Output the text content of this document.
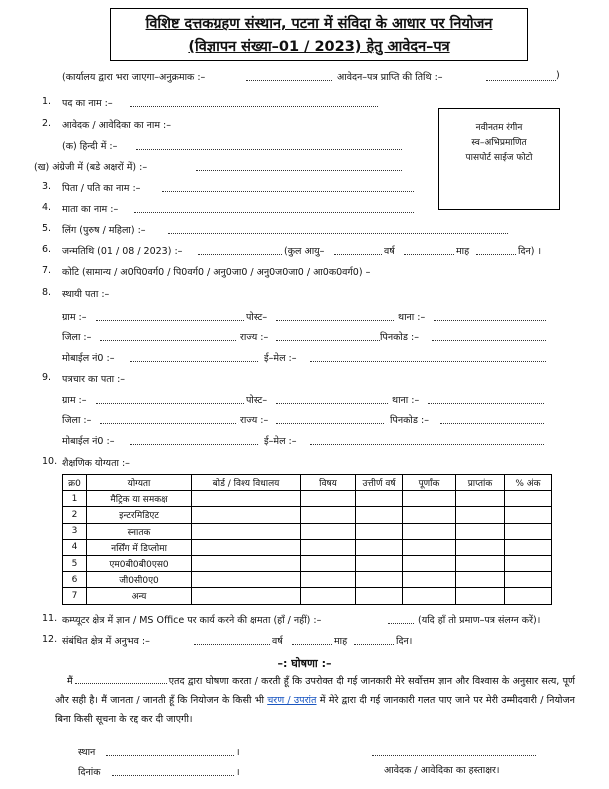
विशिष्ट दत्तकग्रहण संस्थान, पटना में संविदा के आधार पर नियोजन
(विज्ञापन संख्या–01 / 2023) हेतु आवेदन–पत्र
(कार्यालय द्वारा भरा जाएगा–अनुक्रमाक :–	आवेदन–पत्र प्राप्ति की तिथि :–	)
नवीनतम रंगीन
स्व–अभिप्रमाणित
पासपोर्ट साईज फोटो
1. पद का नाम :–
2. आवेदक / आवेदिका का नाम :–
(क) हिन्दी में :–
(ख) अंग्रेजी में (बडे अक्षरों में) :–
3. पिता / पति का नाम :–
4. माता का नाम :–
5. लिंग (पुरुष / महिला) :–
6. जन्मतिथि (01 / 08 / 2023) :–	(कुल आयु–	वर्ष	माह	दिन) ।
7. कोटि (सामान्य / अ0पि0वर्ग0 / पि0वर्ग0 / अनु0जा0 / अनु0ज0जा0 / आ0क0वर्ग0) –
8. स्थायी पता :–
ग्राम :–	पोस्ट–	थाना :–
जिला :–	राज्य :–	पिनकोड :–
मोबाईल नं0 :–	ई–मेल :–
9. पत्रचार का पता :–
ग्राम :–	पोस्ट–	थाना :–
जिला :–	राज्य :–	पिनकोड :–
मोबाईल नं0 :–	ई–मेल :–
10. शैक्षणिक योग्यता :–
क्र0	योग्यता	बोर्ड / विश्य विधालय	विषय	उत्तीर्ण वर्ष	पूर्णांक	प्राप्तांक	% अंक
1	मैट्रिक या समकक्ष						
2	इन्टरमिडिएट						
3	स्नातक						
4	नर्सिंग में डिप्लोमा						
5	एम0बी0बी0एस0						
6	जी0सी0ए0						
7	अन्य						
11. कम्प्यूटर क्षेत्र में ज्ञान / MS Office पर कार्य करने की क्षमता (हाँ / नहीं) :–	(यदि हाँ तो प्रमाण–पत्र संलग्न करें)।
12. संबंधित क्षेत्र में अनुभव :–	वर्ष	माह	दिन।
–: घोषणा :–
मैं	एतद द्वारा घोषणा करता / करती हूँ कि उपरोक्त दी गई जानकारी मेरे सर्वोत्तम ज्ञान और विश्वास के अनुसार सत्य, पूर्ण और सही है। मैं जानता / जानती हूँ कि नियोजन के किसी भी चरण / उपरांत में मेरे द्वारा दी गई जानकारी गलत पाए जाने पर मेरी उम्मीदवारी / नियोजन बिना किसी सूचना के रद्द कर दी जाएगी।
स्थान	।
दिनांक	।	आवेदक / आवेदिका का हस्ताक्षर।
